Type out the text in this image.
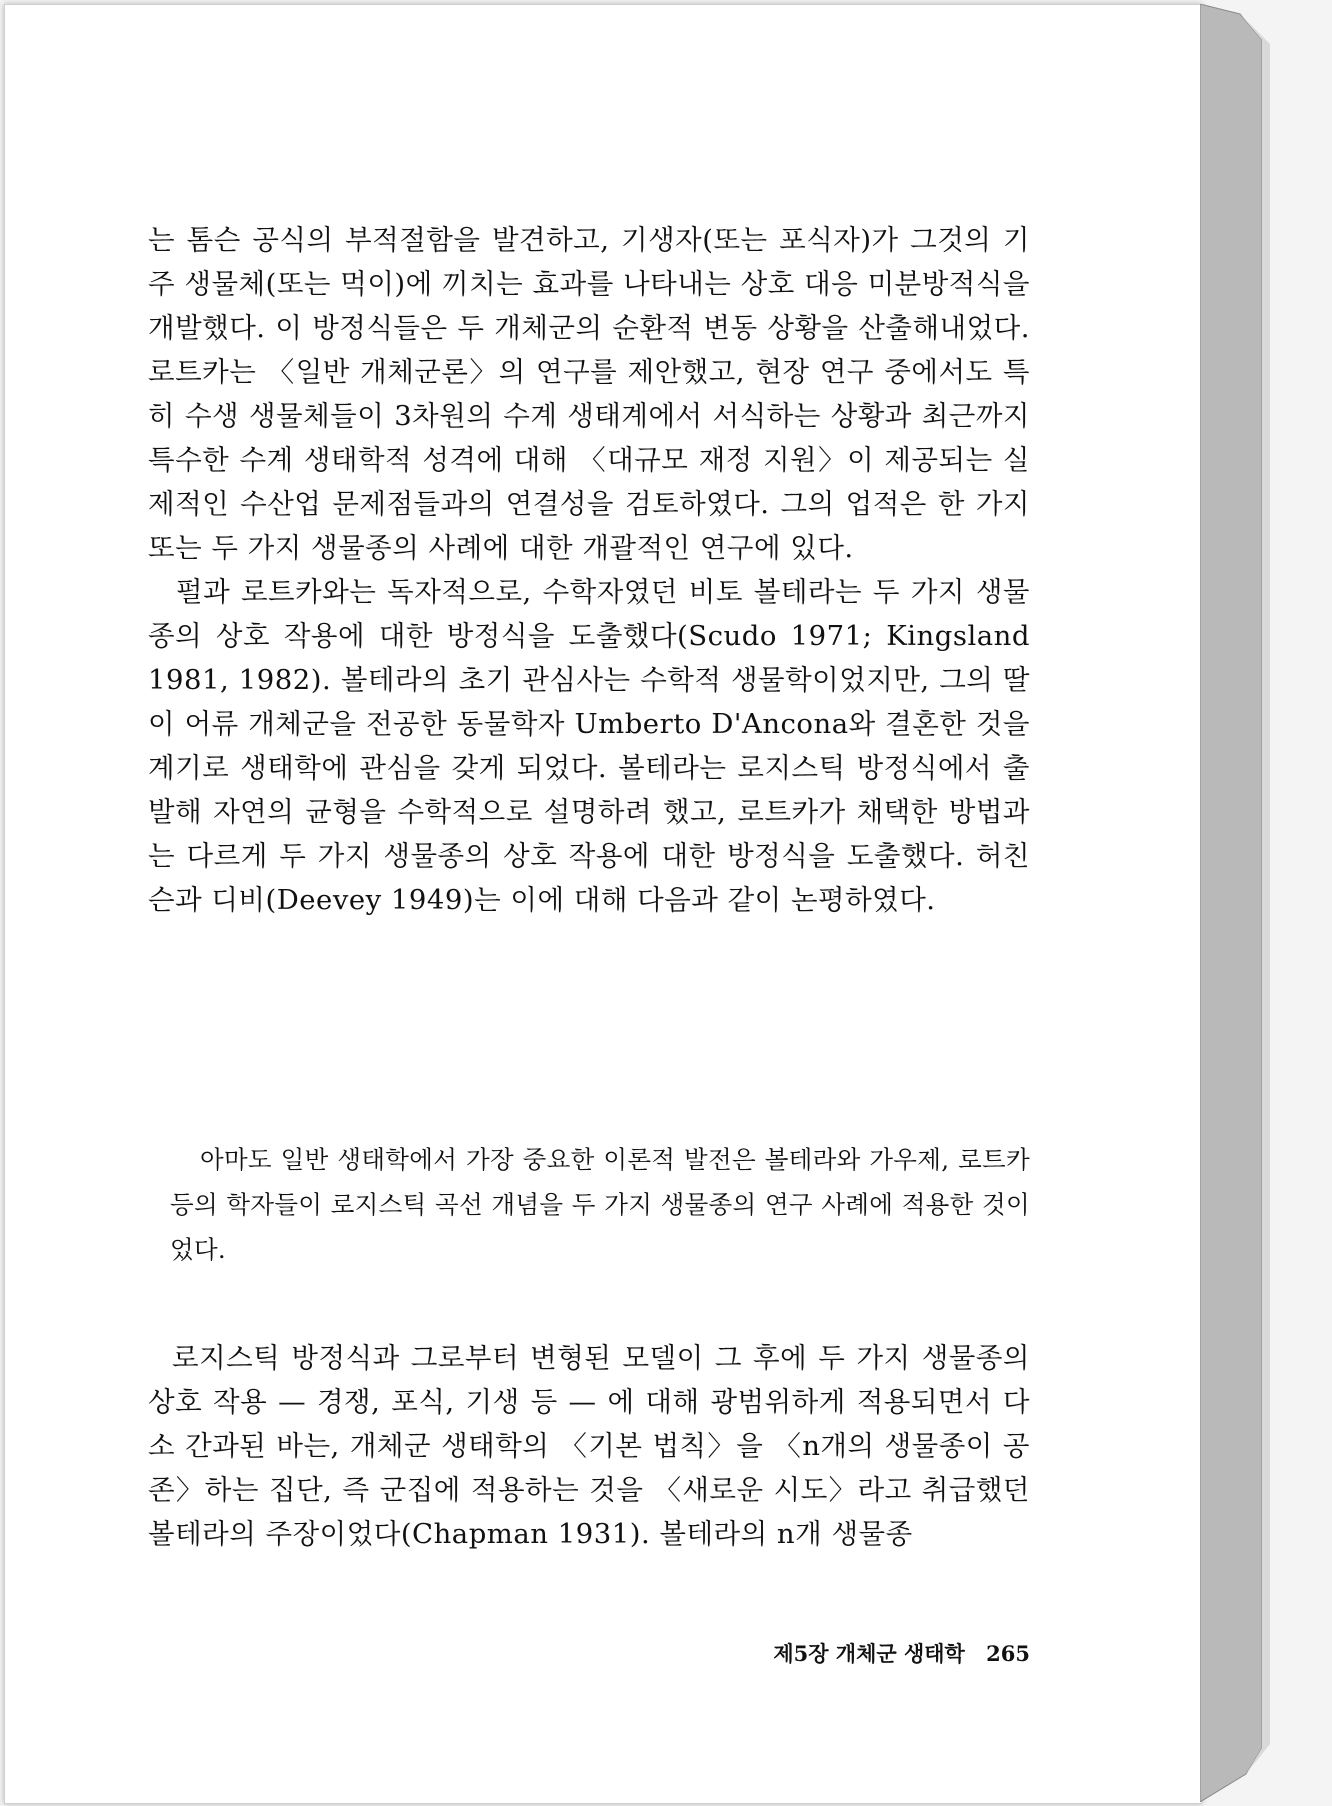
는 톰슨 공식의 부적절함을 발견하고, 기생자(또는 포식자)가 그것의 기주 생물체(또는 먹이)에 끼치는 효과를 나타내는 상호 대응 미분방적식을 개발했다. 이 방정식들은 두 개체군의 순환적 변동 상황을 산출해내었다. 로트카는 〈일반 개체군론〉의 연구를 제안했고, 현장 연구 중에서도 특히 수생 생물체들이 3차원의 수계 생태계에서 서식하는 상황과 최근까지 특수한 수계 생태학적 성격에 대해 〈대규모 재정 지원〉이 제공되는 실제적인 수산업 문제점들과의 연결성을 검토하였다. 그의 업적은 한 가지 또는 두 가지 생물종의 사례에 대한 개괄적인 연구에 있다.

펄과 로트카와는 독자적으로, 수학자였던 비토 볼테라는 두 가지 생물종의 상호 작용에 대한 방정식을 도출했다(Scudo 1971; Kingsland 1981, 1982). 볼테라의 초기 관심사는 수학적 생물학이었지만, 그의 딸이 어류 개체군을 전공한 동물학자 Umberto D'Ancona와 결혼한 것을 계기로 생태학에 관심을 갖게 되었다. 볼테라는 로지스틱 방정식에서 출발해 자연의 균형을 수학적으로 설명하려 했고, 로트카가 채택한 방법과는 다르게 두 가지 생물종의 상호 작용에 대한 방정식을 도출했다. 허친슨과 디비(Deevey 1949)는 이에 대해 다음과 같이 논평하였다.

아마도 일반 생태학에서 가장 중요한 이론적 발전은 볼테라와 가우제, 로트카 등의 학자들이 로지스틱 곡선 개념을 두 가지 생물종의 연구 사례에 적용한 것이었다.

로지스틱 방정식과 그로부터 변형된 모델이 그 후에 두 가지 생물종의 상호 작용 — 경쟁, 포식, 기생 등 — 에 대해 광범위하게 적용되면서 다소 간과된 바는, 개체군 생태학의 〈기본 법칙〉을 〈n개의 생물종이 공존〉하는 집단, 즉 군집에 적용하는 것을 〈새로운 시도〉라고 취급했던 볼테라의 주장이었다(Chapman 1931). 볼테라의 n개 생물종

제5장 개체군 생태학 265
